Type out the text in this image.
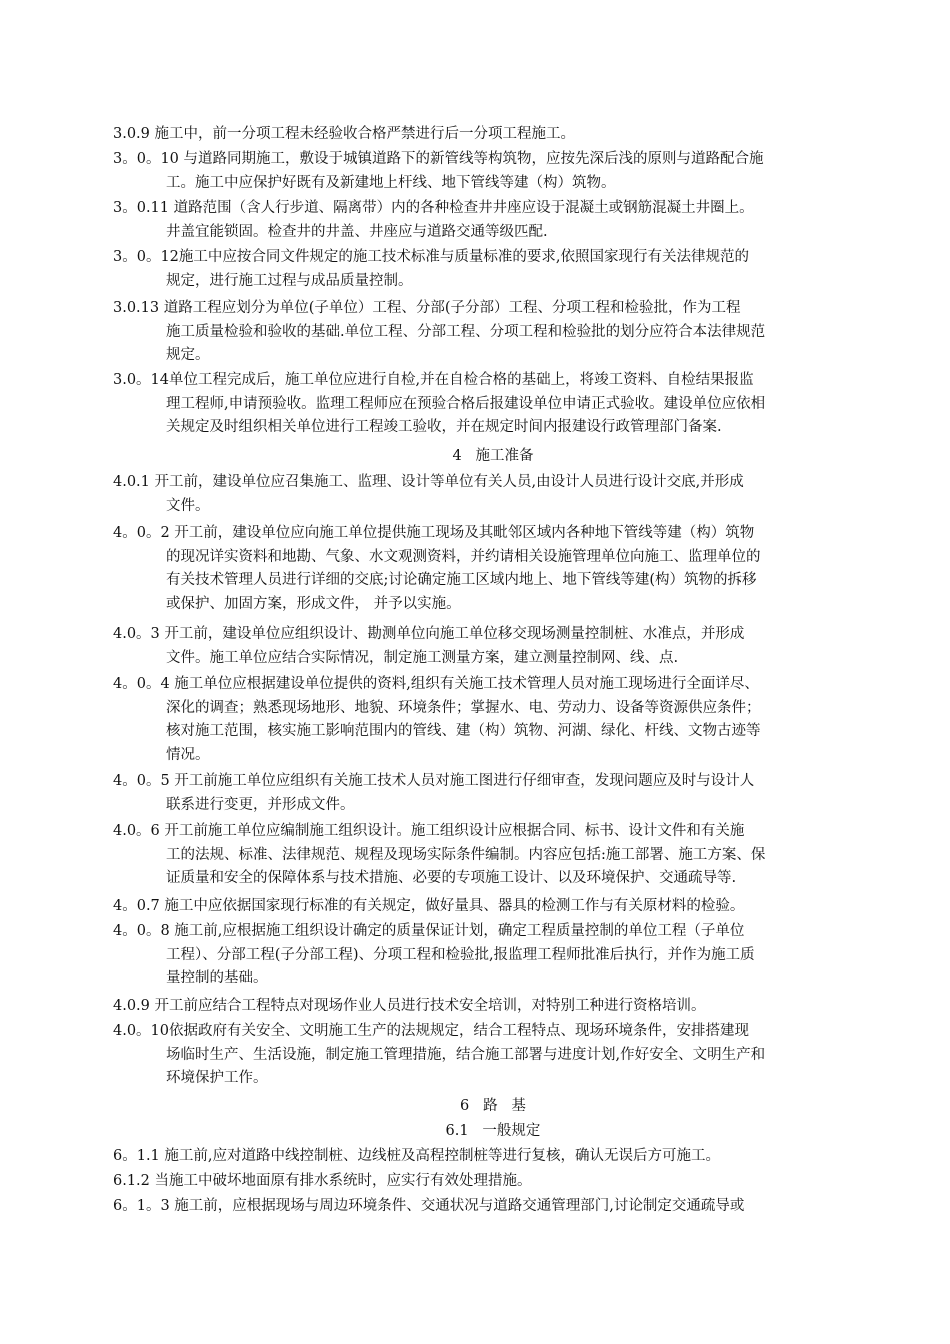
3.0.9 施工中，前一分项工程未经验收合格严禁进行后一分项工程施工。
3。0。10 与道路同期施工，敷设于城镇道路下的新管线等构筑物，应按先深后浅的原则与道路配合施
工。施工中应保护好既有及新建地上杆线、地下管线等建（构）筑物。
3。0.11 道路范围（含人行步道、隔离带）内的各种检查井井座应设于混凝土或钢筋混凝土井圈上。
井盖宜能锁固。检查井的井盖、井座应与道路交通等级匹配.
3。0。12施工中应按合同文件规定的施工技术标准与质量标准的要求,依照国家现行有关法律规范的
规定，进行施工过程与成品质量控制。
3.0.13 道路工程应划分为单位(子单位）工程、分部(子分部）工程、分项工程和检验批，作为工程
施工质量检验和验收的基础.单位工程、分部工程、分项工程和检验批的划分应符合本法律规范
规定。
3.0。14单位工程完成后，施工单位应进行自检,并在自检合格的基础上，将竣工资料、自检结果报监
理工程师,申请预验收。监理工程师应在预验合格后报建设单位申请正式验收。建设单位应依相
关规定及时组织相关单位进行工程竣工验收，并在规定时间内报建设行政管理部门备案.
4   施工准备
4.0.1 开工前，建设单位应召集施工、监理、设计等单位有关人员,由设计人员进行设计交底,并形成
文件。
4。0。2 开工前，建设单位应向施工单位提供施工现场及其毗邻区域内各种地下管线等建（构）筑物
的现况详实资料和地勘、气象、水文观测资料，并约请相关设施管理单位向施工、监理单位的
有关技术管理人员进行详细的交底;讨论确定施工区域内地上、地下管线等建(构）筑物的拆移
或保护、加固方案，形成文件， 并予以实施。
4.0。3 开工前，建设单位应组织设计、勘测单位向施工单位移交现场测量控制桩、水准点，并形成
文件。施工单位应结合实际情况，制定施工测量方案，建立测量控制网、线、点.
4。0。4 施工单位应根据建设单位提供的资料,组织有关施工技术管理人员对施工现场进行全面详尽、
深化的调查；熟悉现场地形、地貌、环境条件；掌握水、电、劳动力、设备等资源供应条件；
核对施工范围，核实施工影响范围内的管线、建（构）筑物、河湖、绿化、杆线、文物古迹等
情况。
4。0。5 开工前施工单位应组织有关施工技术人员对施工图进行仔细审查，发现问题应及时与设计人
联系进行变更，并形成文件。
4.0。6 开工前施工单位应编制施工组织设计。施工组织设计应根据合同、标书、设计文件和有关施
工的法规、标准、法律规范、规程及现场实际条件编制。内容应包括:施工部署、施工方案、保
证质量和安全的保障体系与技术措施、必要的专项施工设计、以及环境保护、交通疏导等.
4。0.7 施工中应依据国家现行标准的有关规定，做好量具、器具的检测工作与有关原材料的检验。
4。0。8 施工前,应根据施工组织设计确定的质量保证计划，确定工程质量控制的单位工程（子单位
工程）、分部工程(子分部工程)、分项工程和检验批,报监理工程师批准后执行，并作为施工质
量控制的基础。
4.0.9 开工前应结合工程特点对现场作业人员进行技术安全培训，对特别工种进行资格培训。
4.0。10依据政府有关安全、文明施工生产的法规规定，结合工程特点、现场环境条件，安排搭建现
场临时生产、生活设施，制定施工管理措施，结合施工部署与进度计划,作好安全、文明生产和
环境保护工作。
6   路   基
6.1   一般规定
6。1.1 施工前,应对道路中线控制桩、边线桩及高程控制桩等进行复核，确认无误后方可施工。
6.1.2 当施工中破坏地面原有排水系统时，应实行有效处理措施。
6。1。3 施工前，应根据现场与周边环境条件、交通状况与道路交通管理部门,讨论制定交通疏导或
